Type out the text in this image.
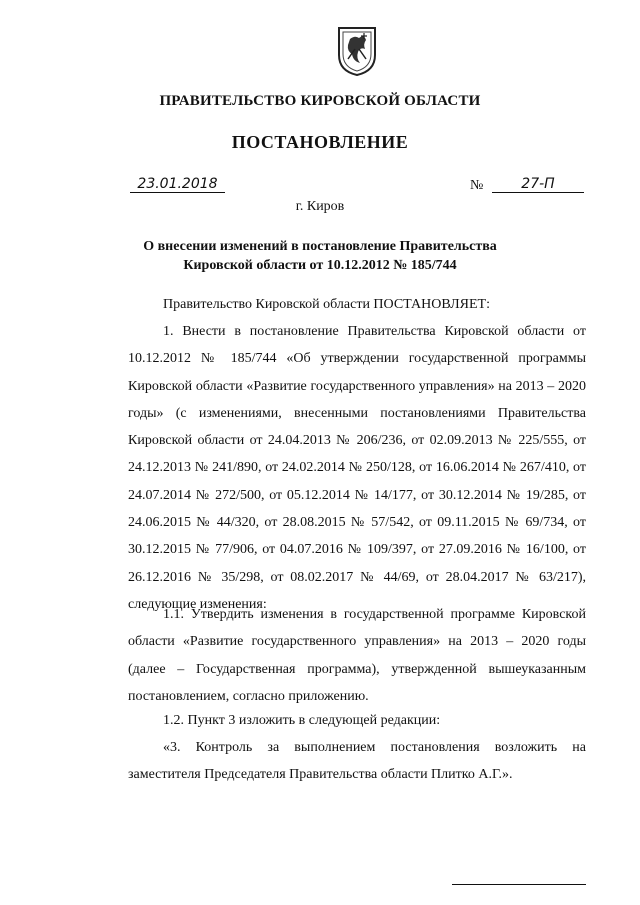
ПРАВИТЕЛЬСТВО КИРОВСКОЙ ОБЛАСТИ
ПОСТАНОВЛЕНИЕ
23.01.2018	№	27-П
г. Киров
О внесении изменений в постановление Правительства
Кировской области от 10.12.2012 № 185/744
Правительство Кировской области ПОСТАНОВЛЯЕТ:
1. Внести в постановление Правительства Кировской области от 10.12.2012 № 185/744 «Об утверждении государственной программы Кировской области «Развитие государственного управления» на 2013 – 2020 годы» (с изменениями, внесенными постановлениями Правительства Кировской области от 24.04.2013 № 206/236, от 02.09.2013 № 225/555, от 24.12.2013 № 241/890, от 24.02.2014 № 250/128, от 16.06.2014 № 267/410, от 24.07.2014 № 272/500, от 05.12.2014 № 14/177, от 30.12.2014 № 19/285, от 24.06.2015 № 44/320, от 28.08.2015 № 57/542, от 09.11.2015 № 69/734, от 30.12.2015 № 77/906, от 04.07.2016 № 109/397, от 27.09.2016 № 16/100, от 26.12.2016 № 35/298, от 08.02.2017 № 44/69, от 28.04.2017 № 63/217), следующие изменения:
1.1. Утвердить изменения в государственной программе Кировской области «Развитие государственного управления» на 2013 – 2020 годы (далее – Государственная программа), утвержденной вышеуказанным постановлением, согласно приложению.
1.2. Пункт 3 изложить в следующей редакции:
«3. Контроль за выполнением постановления возложить на заместителя Председателя Правительства области Плитко А.Г.».
